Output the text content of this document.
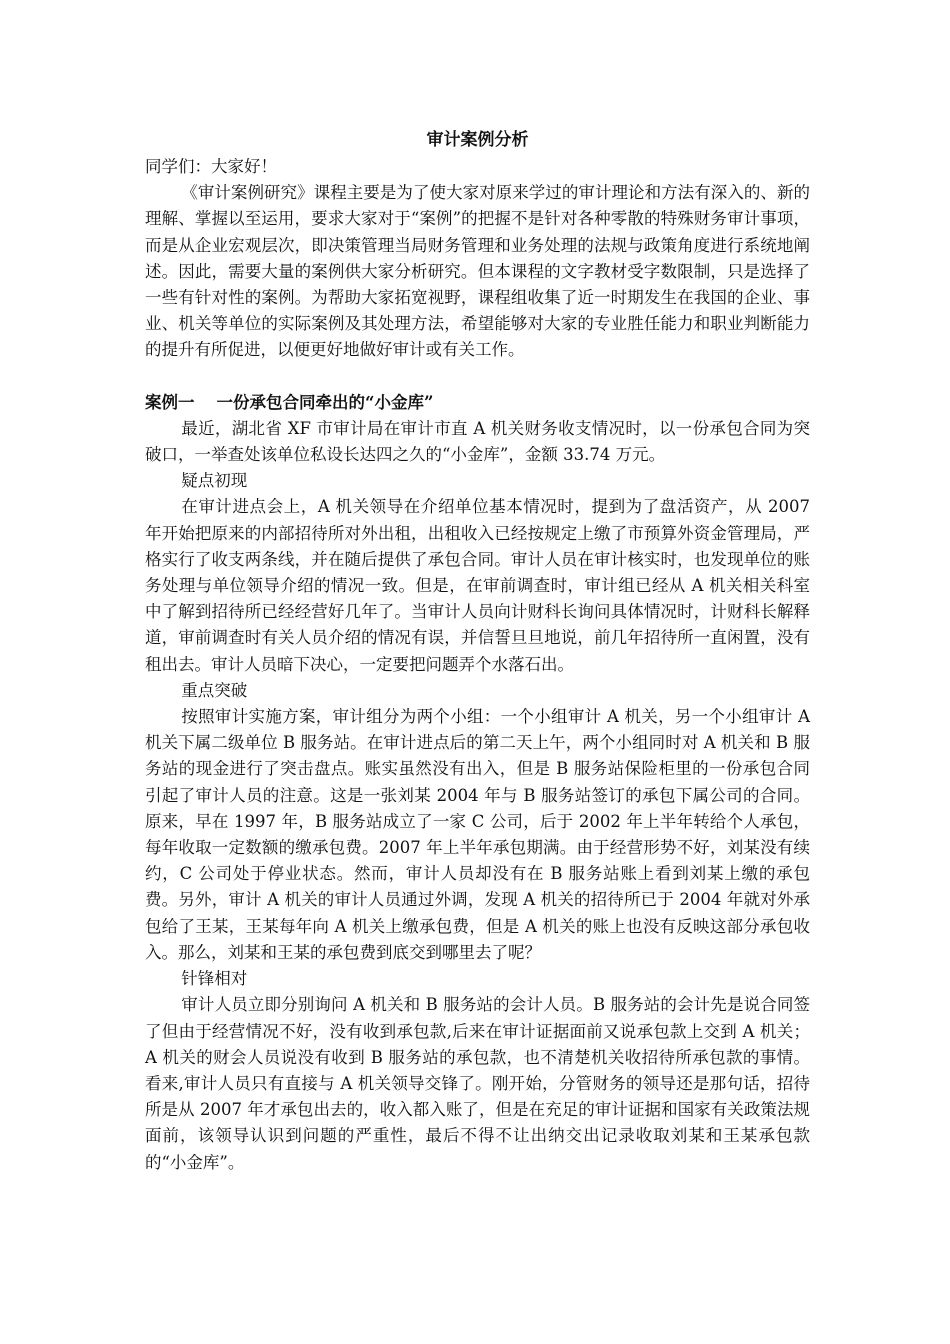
审计案例分析

同学们：大家好！

《审计案例研究》课程主要是为了使大家对原来学过的审计理论和方法有深入的、新的理解、掌握以至运用，要求大家对于“案例”的把握不是针对各种零散的特殊财务审计事项，而是从企业宏观层次，即决策管理当局财务管理和业务处理的法规与政策角度进行系统地阐述。因此，需要大量的案例供大家分析研究。但本课程的文字教材受字数限制，只是选择了一些有针对性的案例。为帮助大家拓宽视野，课程组收集了近一时期发生在我国的企业、事业、机关等单位的实际案例及其处理方法，希望能够对大家的专业胜任能力和职业判断能力的提升有所促进，以便更好地做好审计或有关工作。

案例一 一份承包合同牵出的“小金库”

最近，湖北省 XF 市审计局在审计市直 A 机关财务收支情况时，以一份承包合同为突破口，一举查处该单位私设长达四之久的“小金库”，金额 33.74 万元。

疑点初现

在审计进点会上，A 机关领导在介绍单位基本情况时，提到为了盘活资产，从 2007 年开始把原来的内部招待所对外出租，出租收入已经按规定上缴了市预算外资金管理局，严格实行了收支两条线，并在随后提供了承包合同。审计人员在审计核实时，也发现单位的账务处理与单位领导介绍的情况一致。但是，在审前调查时，审计组已经从 A 机关相关科室中了解到招待所已经经营好几年了。当审计人员向计财科长询问具体情况时，计财科长解释道，审前调查时有关人员介绍的情况有误，并信誓旦旦地说，前几年招待所一直闲置，没有租出去。审计人员暗下决心，一定要把问题弄个水落石出。

重点突破

按照审计实施方案，审计组分为两个小组：一个小组审计 A 机关，另一个小组审计 A 机关下属二级单位 B 服务站。在审计进点后的第二天上午，两个小组同时对 A 机关和 B 服务站的现金进行了突击盘点。账实虽然没有出入，但是 B 服务站保险柜里的一份承包合同引起了审计人员的注意。这是一张刘某 2004 年与 B 服务站签订的承包下属公司的合同。原来，早在 1997 年，B 服务站成立了一家 C 公司，后于 2002 年上半年转给个人承包，每年收取一定数额的缴承包费。2007 年上半年承包期满。由于经营形势不好，刘某没有续约，C 公司处于停业状态。然而，审计人员却没有在 B 服务站账上看到刘某上缴的承包费。另外，审计 A 机关的审计人员通过外调，发现 A 机关的招待所已于 2004 年就对外承包给了王某，王某每年向 A 机关上缴承包费，但是 A 机关的账上也没有反映这部分承包收入。那么，刘某和王某的承包费到底交到哪里去了呢？

针锋相对

审计人员立即分别询问 A 机关和 B 服务站的会计人员。B 服务站的会计先是说合同签了但由于经营情况不好，没有收到承包款,后来在审计证据面前又说承包款上交到 A 机关；A 机关的财会人员说没有收到 B 服务站的承包款，也不清楚机关收招待所承包款的事情。看来,审计人员只有直接与 A 机关领导交锋了。刚开始，分管财务的领导还是那句话，招待所是从 2007 年才承包出去的，收入都入账了，但是在充足的审计证据和国家有关政策法规面前，该领导认识到问题的严重性，最后不得不让出纳交出记录收取刘某和王某承包款的“小金库”。
